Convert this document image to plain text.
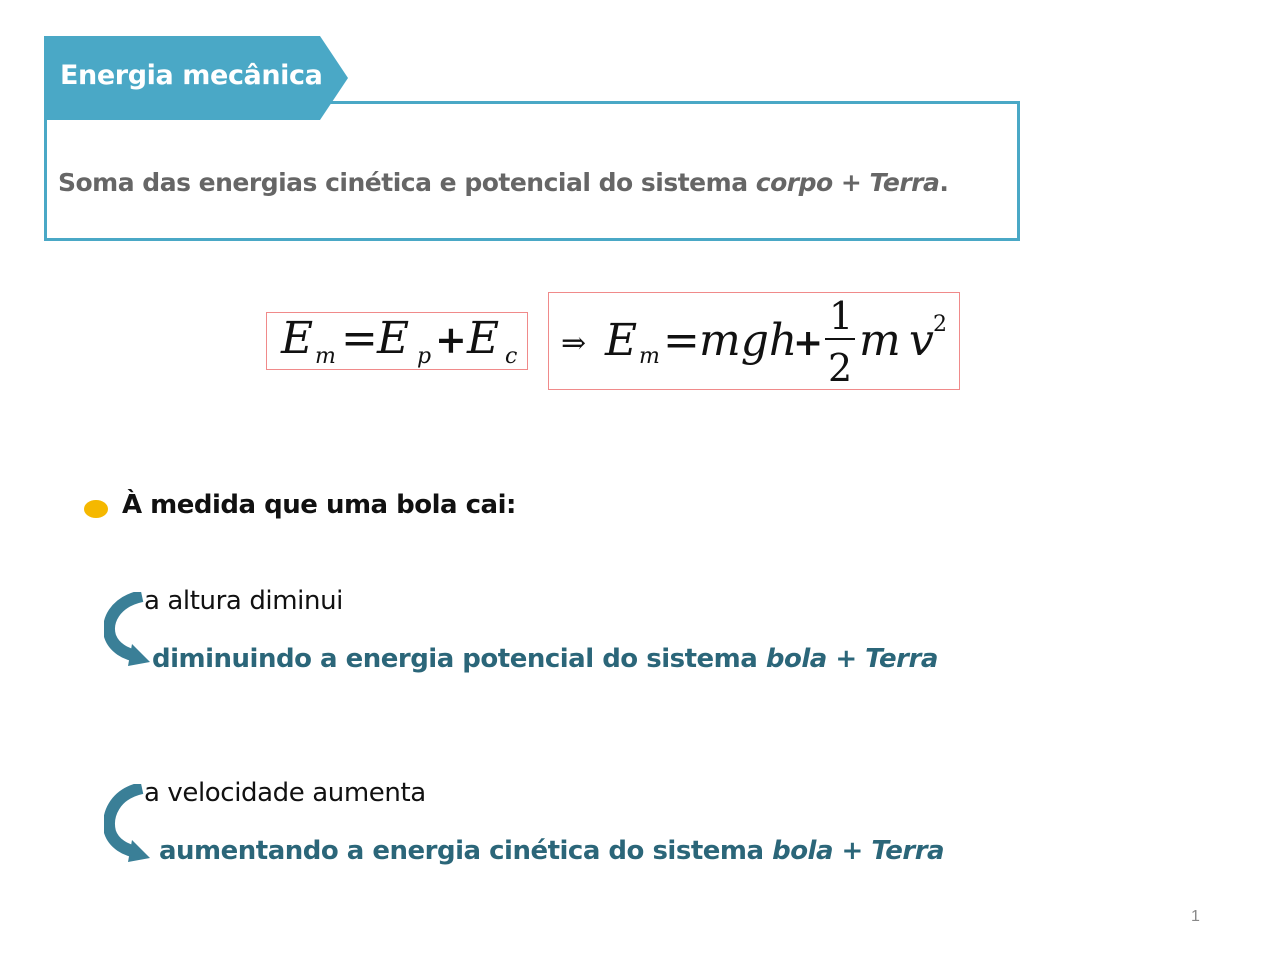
Energia mecânica
Soma das energias cinética e potencial do sistema corpo + Terra.
E m = E p + E c ⇒ E m = mgh
+
1
2
m v 2
À medida que uma bola cai:
a altura diminui
diminuindo a energia potencial do sistema bola + Terra
a velocidade aumenta
aumentando a energia cinética do sistema bola + Terra
1
